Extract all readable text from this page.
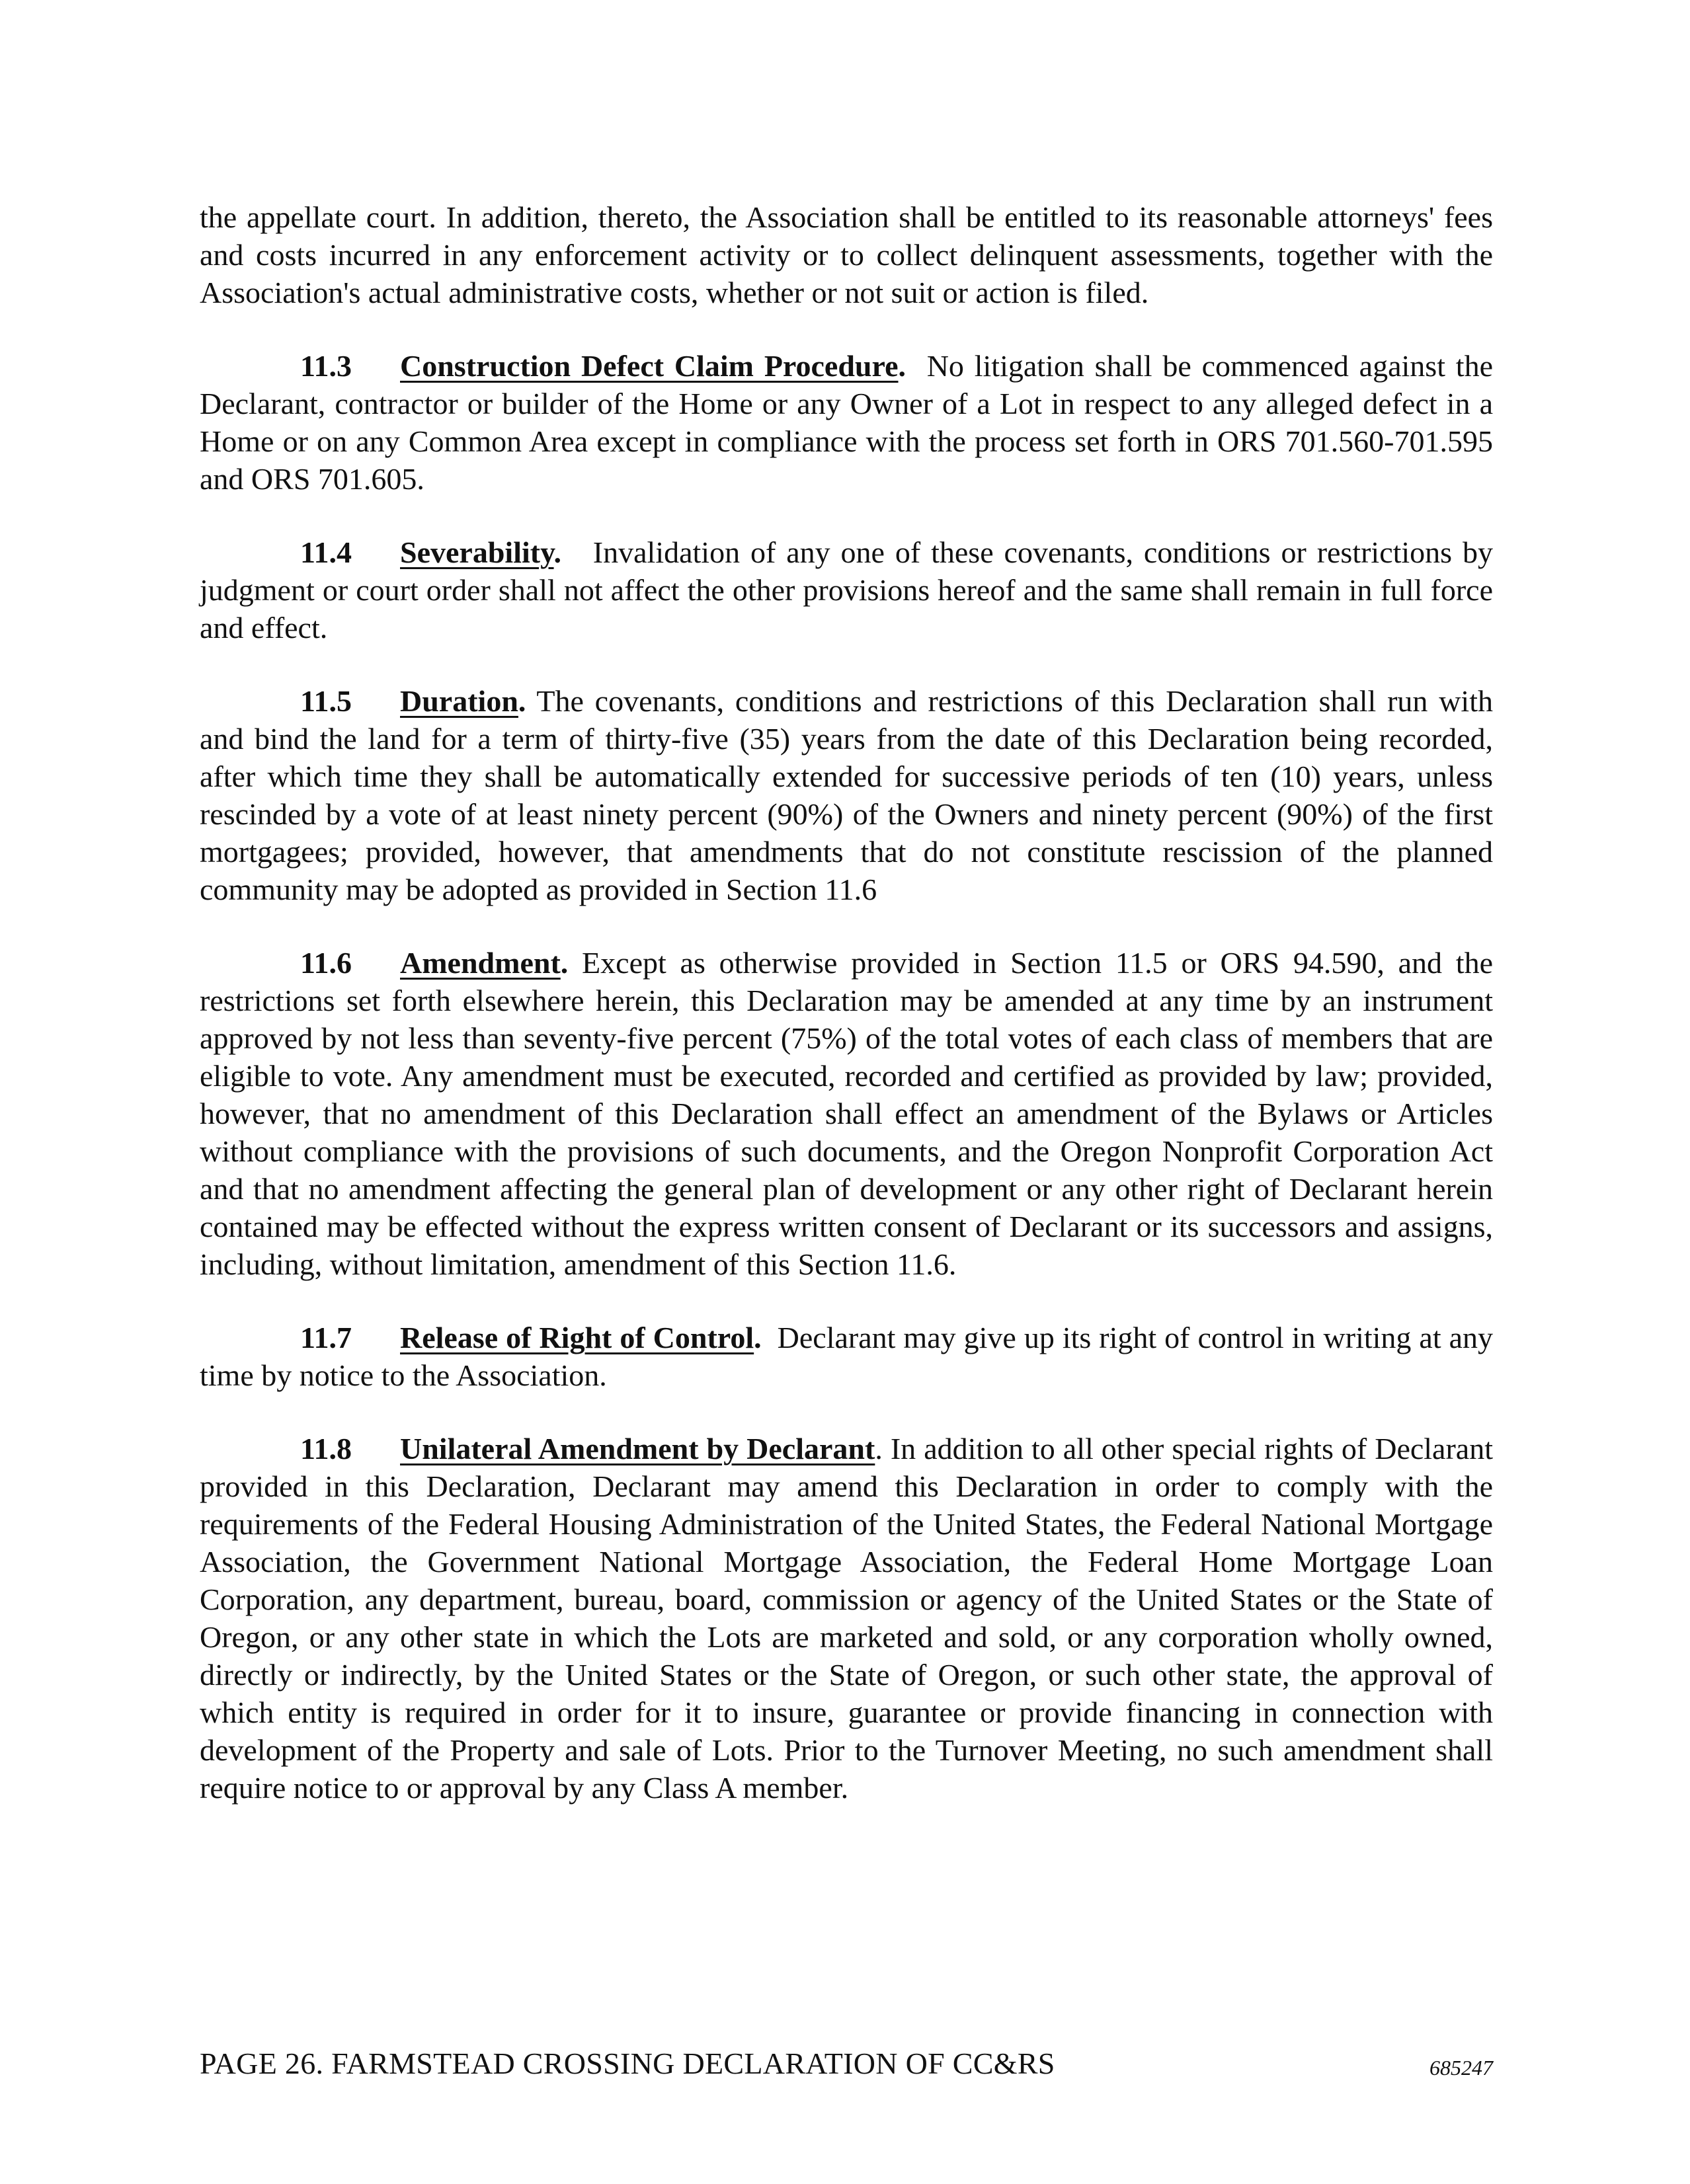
the appellate court. In addition, thereto, the Association shall be entitled to its reasonable attorneys' fees and costs incurred in any enforcement activity or to collect delinquent assessments, together with the Association's actual administrative costs, whether or not suit or action is filed.

11.3 Construction Defect Claim Procedure. No litigation shall be commenced against the Declarant, contractor or builder of the Home or any Owner of a Lot in respect to any alleged defect in a Home or on any Common Area except in compliance with the process set forth in ORS 701.560-701.595 and ORS 701.605.

11.4 Severability. Invalidation of any one of these covenants, conditions or restrictions by judgment or court order shall not affect the other provisions hereof and the same shall remain in full force and effect.

11.5 Duration. The covenants, conditions and restrictions of this Declaration shall run with and bind the land for a term of thirty-five (35) years from the date of this Declaration being recorded, after which time they shall be automatically extended for successive periods of ten (10) years, unless rescinded by a vote of at least ninety percent (90%) of the Owners and ninety percent (90%) of the first mortgagees; provided, however, that amendments that do not constitute rescission of the planned community may be adopted as provided in Section 11.6

11.6 Amendment. Except as otherwise provided in Section 11.5 or ORS 94.590, and the restrictions set forth elsewhere herein, this Declaration may be amended at any time by an instrument approved by not less than seventy-five percent (75%) of the total votes of each class of members that are eligible to vote. Any amendment must be executed, recorded and certified as provided by law; provided, however, that no amendment of this Declaration shall effect an amendment of the Bylaws or Articles without compliance with the provisions of such documents, and the Oregon Nonprofit Corporation Act and that no amendment affecting the general plan of development or any other right of Declarant herein contained may be effected without the express written consent of Declarant or its successors and assigns, including, without limitation, amendment of this Section 11.6.

11.7 Release of Right of Control. Declarant may give up its right of control in writing at any time by notice to the Association.

11.8 Unilateral Amendment by Declarant. In addition to all other special rights of Declarant provided in this Declaration, Declarant may amend this Declaration in order to comply with the requirements of the Federal Housing Administration of the United States, the Federal National Mortgage Association, the Government National Mortgage Association, the Federal Home Mortgage Loan Corporation, any department, bureau, board, commission or agency of the United States or the State of Oregon, or any other state in which the Lots are marketed and sold, or any corporation wholly owned, directly or indirectly, by the United States or the State of Oregon, or such other state, the approval of which entity is required in order for it to insure, guarantee or provide financing in connection with development of the Property and sale of Lots. Prior to the Turnover Meeting, no such amendment shall require notice to or approval by any Class A member.

PAGE 26. FARMSTEAD CROSSING DECLARATION OF CC&RS	685247
